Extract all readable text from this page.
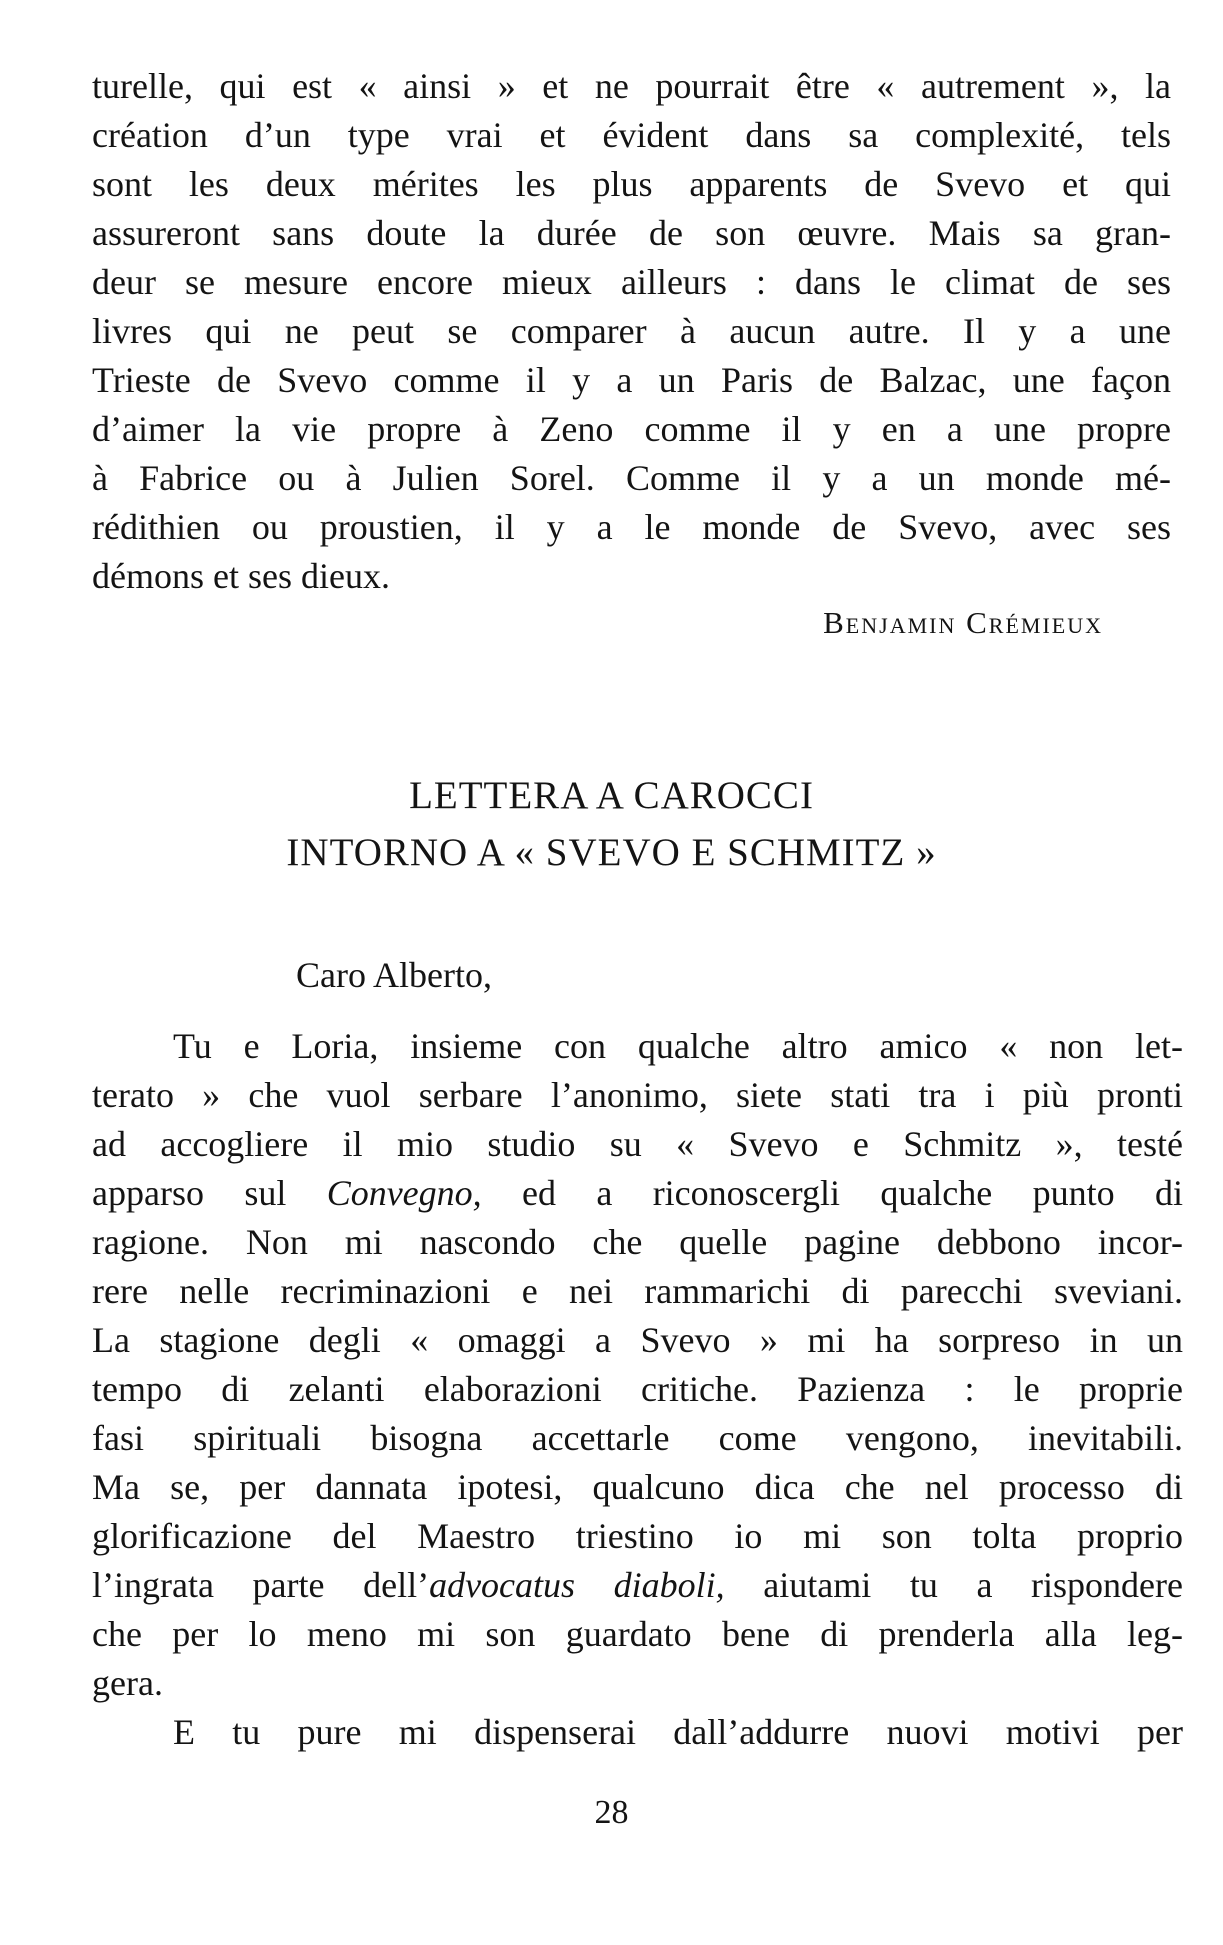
turelle, qui est « ainsi » et ne pourrait être « autrement », la
création d’un type vrai et évident dans sa complexité, tels
sont les deux mérites les plus apparents de Svevo et qui
assureront sans doute la durée de son œuvre. Mais sa gran-
deur se mesure encore mieux ailleurs : dans le climat de ses
livres qui ne peut se comparer à aucun autre. Il y a une
Trieste de Svevo comme il y a un Paris de Balzac, une façon
d’aimer la vie propre à Zeno comme il y en a une propre
à Fabrice ou à Julien Sorel. Comme il y a un monde mé-
rédithien ou proustien, il y a le monde de Svevo, avec ses
démons et ses dieux.
Benjamin Crémieux
LETTERA A CAROCCI
INTORNO A « SVEVO E SCHMITZ »
Caro Alberto,
Tu e Loria, insieme con qualche altro amico « non let-
terato » che vuol serbare l’anonimo, siete stati tra i più pronti
ad accogliere il mio studio su « Svevo e Schmitz », testé
apparso sul Convegno, ed a riconoscergli qualche punto di
ragione. Non mi nascondo che quelle pagine debbono incor-
rere nelle recriminazioni e nei rammarichi di parecchi sveviani.
La stagione degli « omaggi a Svevo » mi ha sorpreso in un
tempo di zelanti elaborazioni critiche. Pazienza : le proprie
fasi spirituali bisogna accettarle come vengono, inevitabili.
Ma se, per dannata ipotesi, qualcuno dica che nel processo di
glorificazione del Maestro triestino io mi son tolta proprio
l’ingrata parte dell’advocatus diaboli, aiutami tu a rispondere
che per lo meno mi son guardato bene di prenderla alla leg-
gera.
E tu pure mi dispenserai dall’addurre nuovi motivi per
28
